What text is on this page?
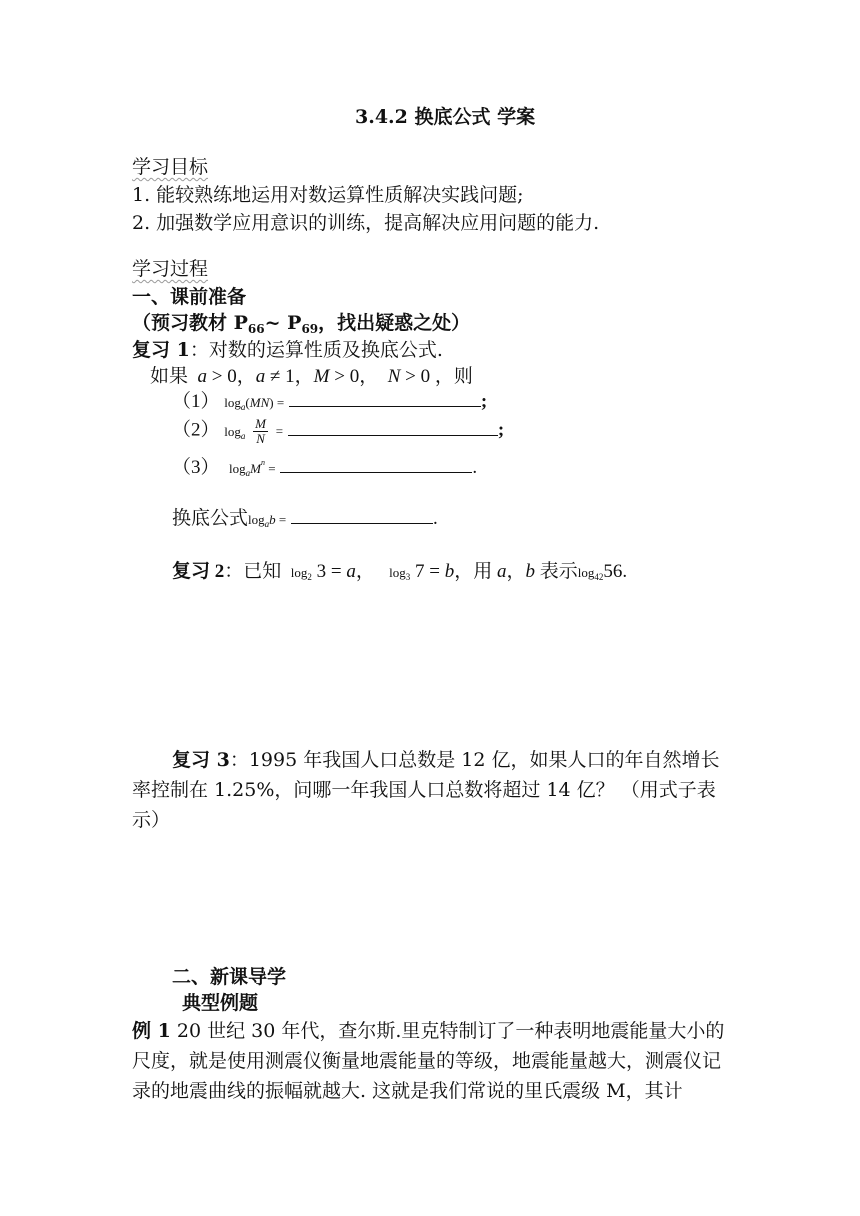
3.4.2 换底公式 学案
学习目标
1. 能较熟练地运用对数运算性质解决实践问题;
2. 加强数学应用意识的训练，提高解决应用问题的能力.
学习过程
一、课前准备
（预习教材 $P_{66}\sim$ $P_{69}$，找出疑惑之处）
复习 1：对数的运算性质及换底公式.
如果 a > 0，a ≠ 1，M > 0，  N > 0 ，则
（1） $\log_a(MN)$ =	;
（2） $\log_a \frac{M}{N}$ =	;
（3） $\log_aM^n$ =	.
换底公式$\log_ab$ =	.
复习 2：已知 $\log_2 3 = a$，   $\log_3 7 = b$，用 a，b 表示$\log_{42}56$.
复习 3：1995 年我国人口总数是 12 亿，如果人口的年自然增长率控制在 1.25%，问哪一年我国人口总数将超过 14 亿？ （用式子表示）
二、新课导学
典型例题
例 1 20 世纪 30 年代，查尔斯.里克特制订了一种表明地震能量大小的尺度，就是使用测震仪衡量地震能量的等级，地震能量越大，测震仪记录的地震曲线的振幅就越大. 这就是我们常说的里氏震级 M，其计
